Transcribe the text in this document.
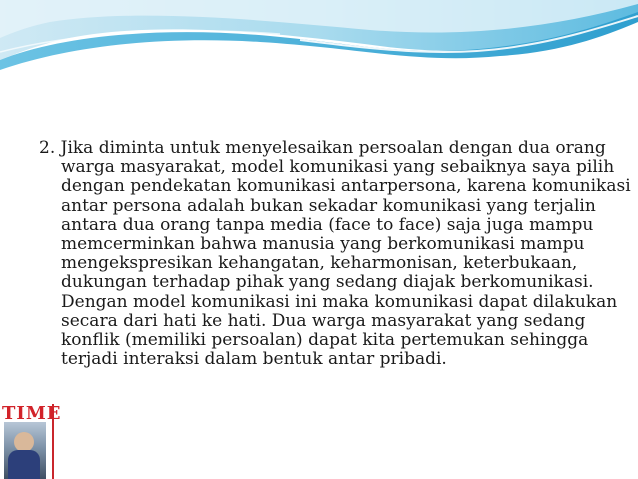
2. Jika diminta untuk menyelesaikan persoalan dengan dua orang warga masyarakat, model komunikasi yang sebaiknya saya pilih dengan pendekatan komunikasi antarpersona, karena komunikasi antar persona adalah bukan sekadar komunikasi yang terjalin antara dua orang tanpa media (face to face) saja juga mampu memcerminkan bahwa manusia yang berkomunikasi mampu mengekspresikan kehangatan, keharmonisan, keterbukaan, dukungan terhadap pihak yang sedang diajak berkomunikasi. Dengan model komunikasi ini maka komunikasi dapat dilakukan secara dari hati ke hati. Dua warga masyarakat yang sedang konflik (memiliki persoalan) dapat kita pertemukan sehingga terjadi interaksi dalam bentuk antar pribadi.

TIME
